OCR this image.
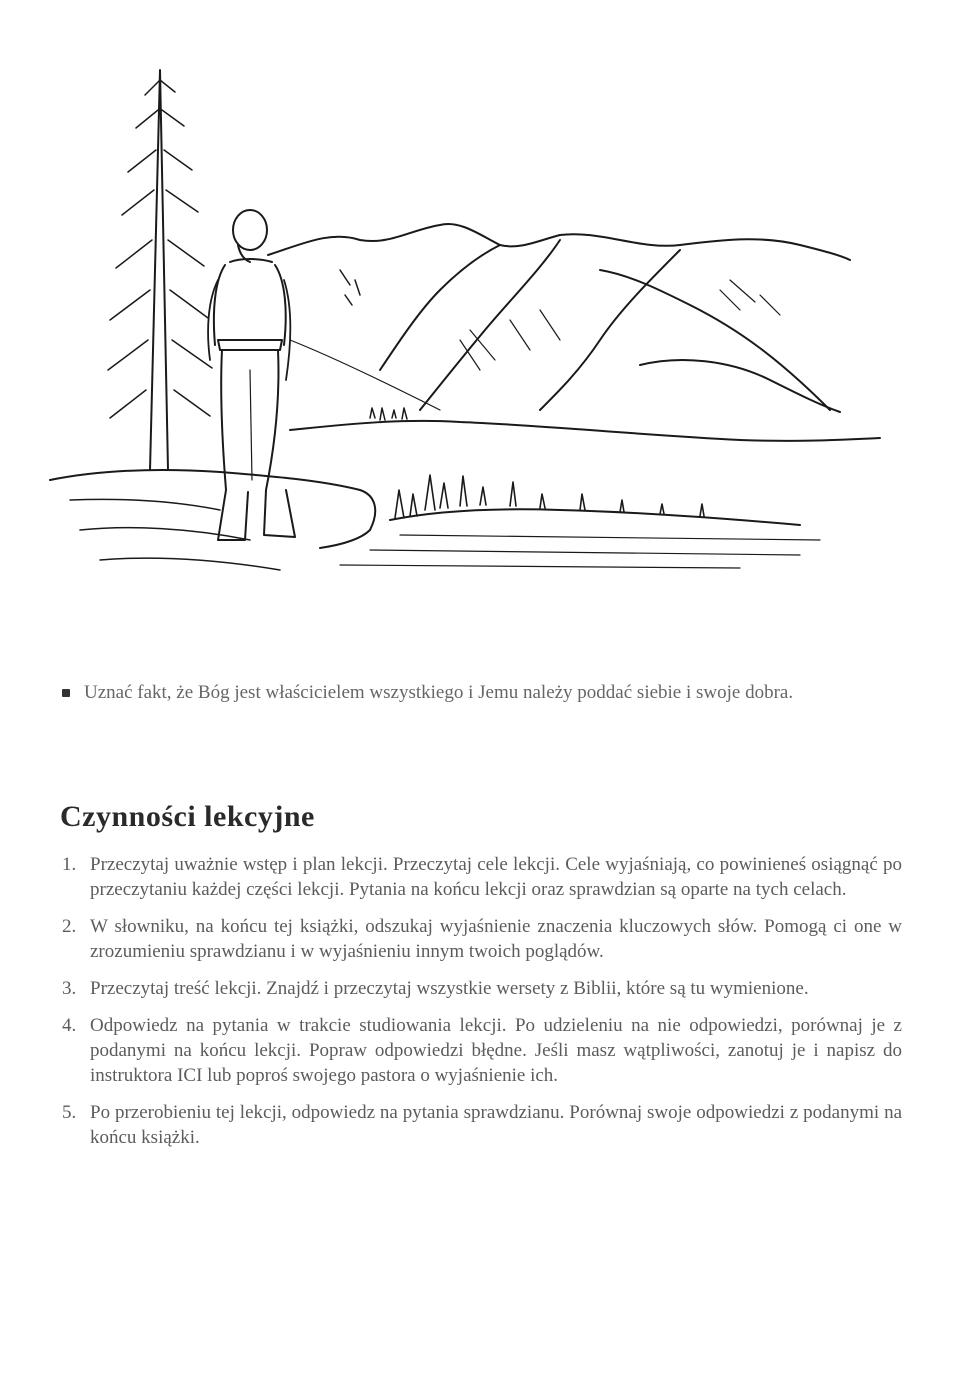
Uznać fakt, że Bóg jest właścicielem wszystkiego i Jemu należy poddać siebie i swoje dobra.
Czynności lekcyjne
1. Przeczytaj uważnie wstęp i plan lekcji. Przeczytaj cele lekcji. Cele wyjaśniają, co powinieneś osiągnąć po przeczytaniu każdej części lekcji. Pytania na końcu lekcji oraz sprawdzian są oparte na tych celach.
2. W słowniku, na końcu tej książki, odszukaj wyjaśnienie znaczenia kluczowych słów. Pomogą ci one w zrozumieniu sprawdzianu i w wyjaśnieniu innym twoich poglądów.
3. Przeczytaj treść lekcji. Znajdź i przeczytaj wszystkie wersety z Biblii, które są tu wymienione.
4. Odpowiedz na pytania w trakcie studiowania lekcji. Po udzieleniu na nie odpowiedzi, porównaj je z podanymi na końcu lekcji. Popraw odpowiedzi błędne. Jeśli masz wątpliwości, zanotuj je i napisz do instruktora ICI lub poproś swojego pastora o wyjaśnienie ich.
5. Po przerobieniu tej lekcji, odpowiedz na pytania sprawdzianu. Porównaj swoje odpowiedzi z podanymi na końcu książki.
